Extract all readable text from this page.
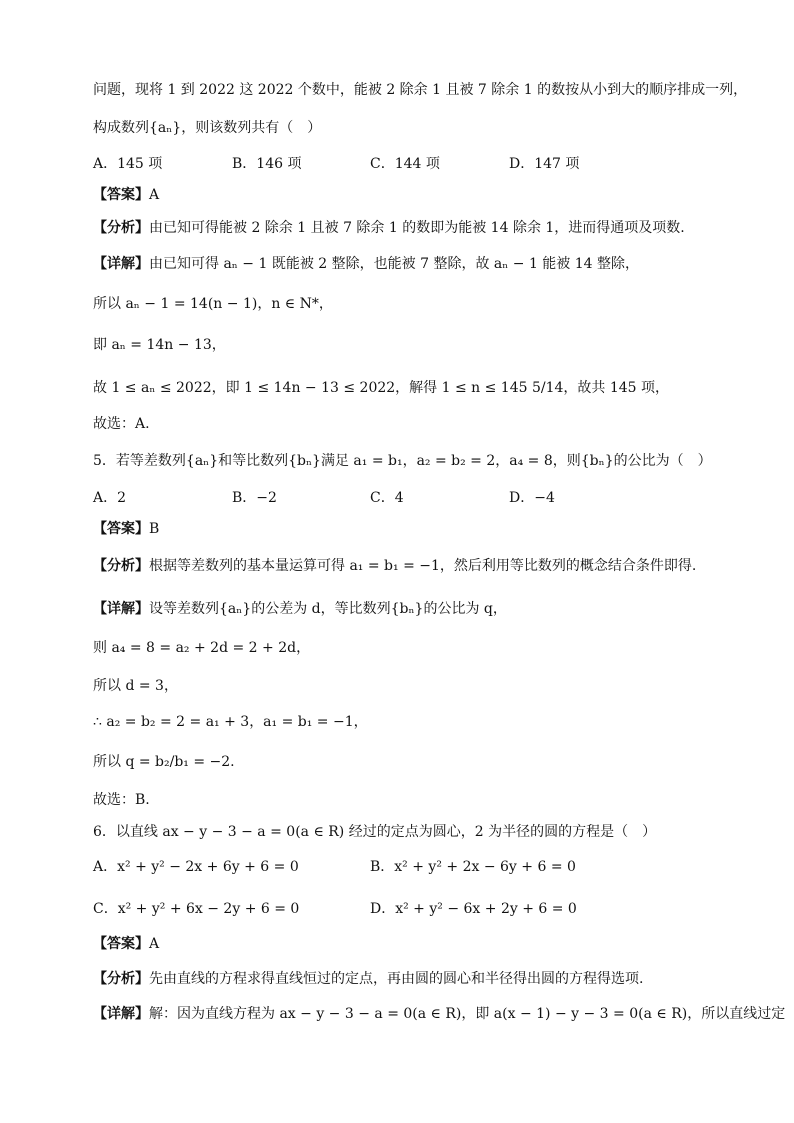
问题，现将 1 到 2022 这 2022 个数中，能被 2 除余 1 且被 7 除余 1 的数按从小到大的顺序排成一列，
构成数列{aₙ}，则该数列共有（　）
A．145 项	B．146 项	C．144 项	D．147 项
【答案】A
【分析】由已知可得能被 2 除余 1 且被 7 除余 1 的数即为能被 14 除余 1，进而得通项及项数.
【详解】由已知可得 aₙ − 1 既能被 2 整除，也能被 7 整除，故 aₙ − 1 能被 14 整除，
所以 aₙ − 1 = 14(n − 1)，n ∈ N*，
即 aₙ = 14n − 13，
故 1 ≤ aₙ ≤ 2022，即 1 ≤ 14n − 13 ≤ 2022，解得 1 ≤ n ≤ 145 5/14，故共 145 项，
故选：A.
5．若等差数列{aₙ}和等比数列{bₙ}满足 a₁ = b₁，a₂ = b₂ = 2，a₄ = 8，则{bₙ}的公比为（　）
A．2	B．−2	C．4	D．−4
【答案】B
【分析】根据等差数列的基本量运算可得 a₁ = b₁ = −1，然后利用等比数列的概念结合条件即得.
【详解】设等差数列{aₙ}的公差为 d，等比数列{bₙ}的公比为 q，
则 a₄ = 8 = a₂ + 2d = 2 + 2d，
所以 d = 3，
∴ a₂ = b₂ = 2 = a₁ + 3，a₁ = b₁ = −1，
所以 q = b₂/b₁ = −2.
故选：B.
6．以直线 ax − y − 3 − a = 0(a ∈ R) 经过的定点为圆心，2 为半径的圆的方程是（　）
A．x² + y² − 2x + 6y + 6 = 0	B．x² + y² + 2x − 6y + 6 = 0
C．x² + y² + 6x − 2y + 6 = 0	D．x² + y² − 6x + 2y + 6 = 0
【答案】A
【分析】先由直线的方程求得直线恒过的定点，再由圆的圆心和半径得出圆的方程得选项.
【详解】解：因为直线方程为 ax − y − 3 − a = 0(a ∈ R)，即 a(x − 1) − y − 3 = 0(a ∈ R)，所以直线过定
